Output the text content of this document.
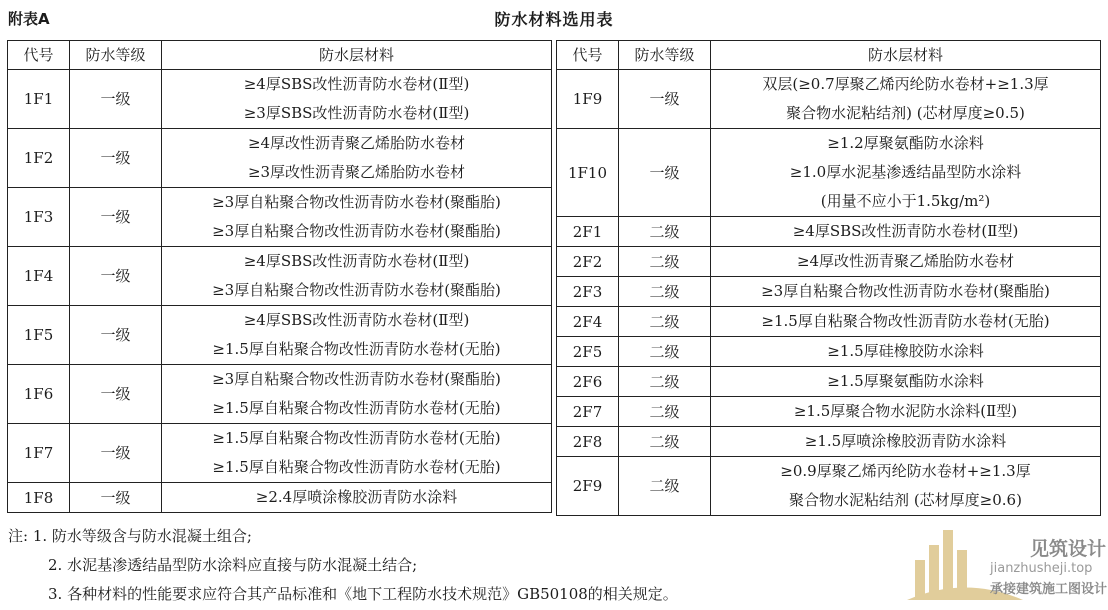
附表A	防水材料选用表
代号	防水等级	防水层材料
1F1	一级	≥4厚SBS改性沥青防水卷材(Ⅱ型)
≥3厚SBS改性沥青防水卷材(Ⅱ型)

1F2	一级	≥4厚改性沥青聚乙烯胎防水卷材
≥3厚改性沥青聚乙烯胎防水卷材

1F3	一级	≥3厚自粘聚合物改性沥青防水卷材(聚酯胎)
≥3厚自粘聚合物改性沥青防水卷材(聚酯胎)

1F4	一级	≥4厚SBS改性沥青防水卷材(Ⅱ型)
≥3厚自粘聚合物改性沥青防水卷材(聚酯胎)

1F5	一级	≥4厚SBS改性沥青防水卷材(Ⅱ型)
≥1.5厚自粘聚合物改性沥青防水卷材(无胎)

1F6	一级	≥3厚自粘聚合物改性沥青防水卷材(聚酯胎)
≥1.5厚自粘聚合物改性沥青防水卷材(无胎)

1F7	一级	≥1.5厚自粘聚合物改性沥青防水卷材(无胎)
≥1.5厚自粘聚合物改性沥青防水卷材(无胎)

1F8	一级	≥2.4厚喷涂橡胶沥青防水涂料
代号	防水等级	防水层材料
1F9	一级	双层(≥0.7厚聚乙烯丙纶防水卷材+≥1.3厚
聚合物水泥粘结剂) (芯材厚度≥0.5)

1F10	一级	≥1.2厚聚氨酯防水涂料
≥1.0厚水泥基渗透结晶型防水涂料
(用量不应小于1.5kg/m²)

2F1	二级	≥4厚SBS改性沥青防水卷材(Ⅱ型)

2F2	二级	≥4厚改性沥青聚乙烯胎防水卷材

2F3	二级	≥3厚自粘聚合物改性沥青防水卷材(聚酯胎)

2F4	二级	≥1.5厚自粘聚合物改性沥青防水卷材(无胎)

2F5	二级	≥1.5厚硅橡胶防水涂料

2F6	二级	≥1.5厚聚氨酯防水涂料

2F7	二级	≥1.5厚聚合物水泥防水涂料(Ⅱ型)

2F8	二级	≥1.5厚喷涂橡胶沥青防水涂料

2F9	二级	≥0.9厚聚乙烯丙纶防水卷材+≥1.3厚
聚合物水泥粘结剂 (芯材厚度≥0.6)
注: 1. 防水等级含与防水混凝土组合;
2. 水泥基渗透结晶型防水涂料应直接与防水混凝土结合;
3. 各种材料的性能要求应符合其产品标准和《地下工程防水技术规范》GB50108的相关规定。
见筑设计
jianzhusheji.top
承接建筑施工图设计
